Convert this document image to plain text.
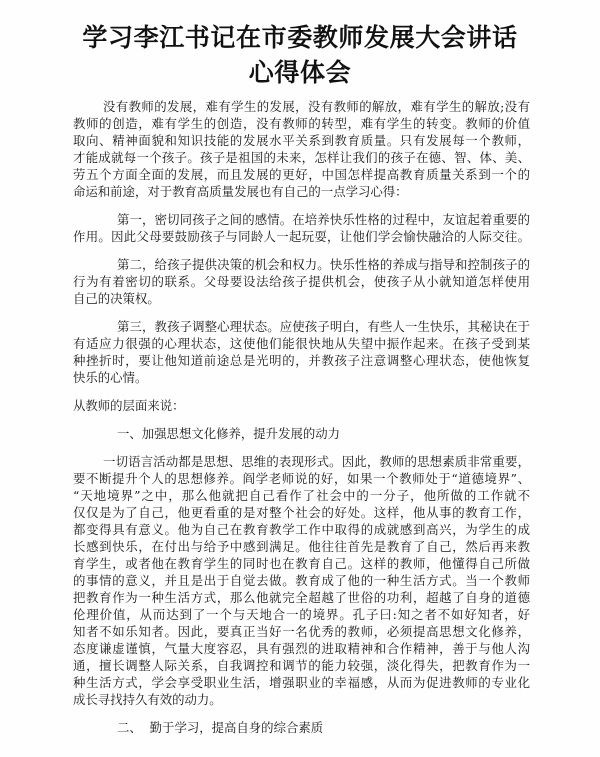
学习李江书记在市委教师发展大会讲话
心得体会
没有教师的发展，难有学生的发展，没有教师的解放，难有学生的解放;没有
教师的创造，难有学生的创造，没有教师的转型，难有学生的转变。教师的价值
取向、精神面貌和知识技能的发展水平关系到教育质量。只有发展每一个教师，
才能成就每一个孩子。孩子是祖国的未来，怎样让我们的孩子在德、智、体、美、
劳五个方面全面的发展，而且发展的更好，中国怎样提高教育质量关系到一个的
命运和前途，对于教育高质量发展也有自己的一点学习心得：
第一，密切同孩子之间的感情。在培养快乐性格的过程中，友谊起着重要的
作用。因此父母要鼓励孩子与同龄人一起玩耍，让他们学会愉快融洽的人际交往。
第二，给孩子提供决策的机会和权力。快乐性格的养成与指导和控制孩子的
行为有着密切的联系。父母要设法给孩子提供机会，使孩子从小就知道怎样使用
自己的决策权。
第三，教孩子调整心理状态。应使孩子明白，有些人一生快乐，其秘诀在于
有适应力很强的心理状态，这使他们能很快地从失望中振作起来。在孩子受到某
种挫折时，要让他知道前途总是光明的，并教孩子注意调整心理状态，使他恢复
快乐的心情。
从教师的层面来说：
一、加强思想文化修养，提升发展的动力
一切语言活动都是思想、思维的表现形式。因此，教师的思想素质非常重要，
要不断提升个人的思想修养。阎学老师说的好，如果一个教师处于“道德境界”、
“天地境界”之中，那么他就把自己看作了社会中的一分子，他所做的工作就不
仅仅是为了自己，他更看重的是对整个社会的好处。这样，他从事的教育工作，
都变得具有意义。他为自己在教育教学工作中取得的成就感到高兴，为学生的成
长感到快乐，在付出与给予中感到满足。他往往首先是教育了自己，然后再来教
育学生，或者他在教育学生的同时也在教育自己。这样的教师，他懂得自己所做
的事情的意义，并且是出于自觉去做。教育成了他的一种生活方式。当一个教师
把教育作为一种生活方式，那么他就完全超越了世俗的功利，超越了自身的道德
伦理价值，从而达到了一个与天地合一的境界。孔子曰:知之者不如好知者，好
知者不如乐知者。因此，要真正当好一名优秀的教师，必须提高思想文化修养，
态度谦虚谨慎，气量大度容忍，具有强烈的进取精神和合作精神，善于与他人沟
通，擅长调整人际关系，自我调控和调节的能力较强，淡化得失，把教育作为一
种生活方式，学会享受职业生活，增强职业的幸福感，从而为促进教师的专业化
成长寻找持久有效的动力。
二、  勤于学习，提高自身的综合素质
